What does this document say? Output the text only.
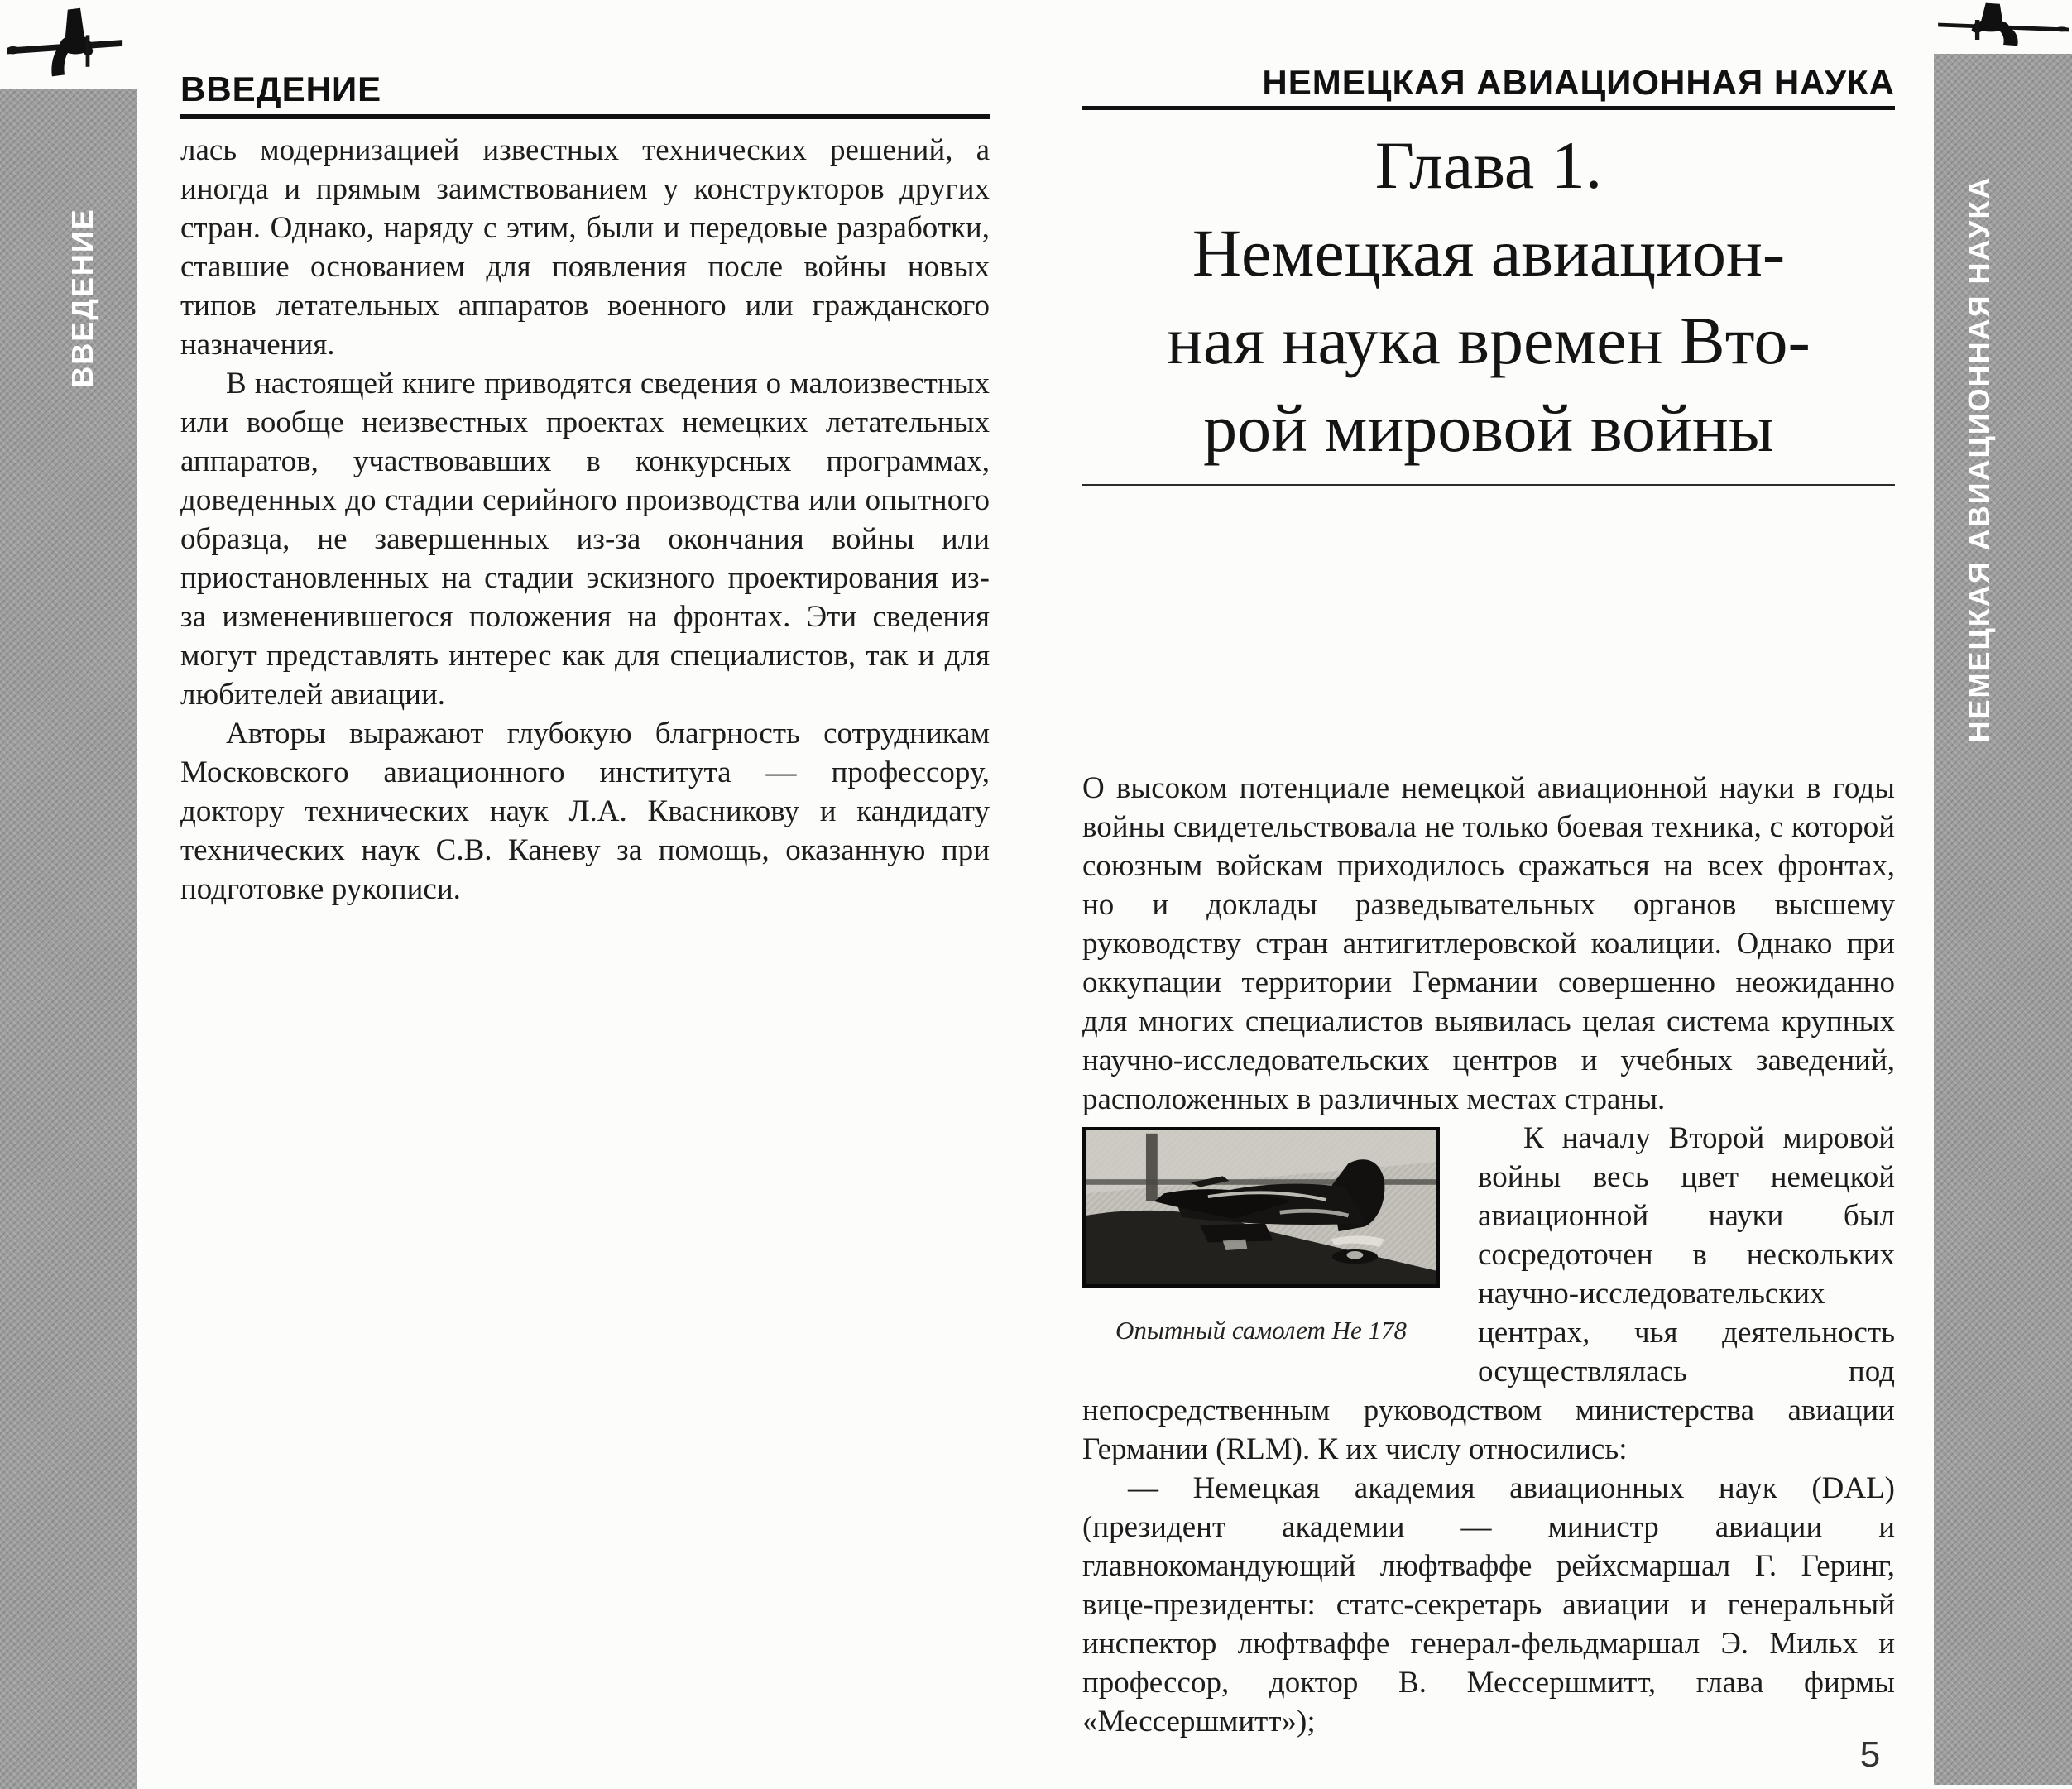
ВВЕДЕНИЕ	НЕМЕЦКАЯ АВИАЦИОННАЯ НАУКА
ВВЕДЕНИЕ

лась модернизацией известных технических решений, а иногда и прямым заимствованием у конструкторов других стран. Однако, наряду с этим, были и передовые разработки, ставшие основанием для появления после войны новых типов летательных аппаратов военного или гражданского назначения.

В настоящей книге приводятся сведения о малоизвестных или вообще неизвестных проектах немецких летательных аппаратов, участвовавших в конкурсных программах, доведенных до стадии серийного производства или опытного образца, не завершенных из-за окончания войны или приостановленных на стадии эскизного проектирования из-за измененившегося положения на фронтах. Эти сведения могут представлять интерес как для специалистов, так и для любителей авиации.

Авторы выражают глубокую благрность сотрудникам Московского авиационного института — профессору, доктору технических наук Л.А. Квасникову и кандидату технических наук С.В. Каневу за помощь, оказанную при подготовке рукописи.

НЕМЕЦКАЯ АВИАЦИОННАЯ НАУКА
Глава 1.
Немецкая авиацион-
ная наука времен Вто-
рой мировой войны

О высоком потенциале немецкой авиационной науки в годы войны свидетельствовала не только боевая техника, с которой союзным войскам приходилось сражаться на всех фронтах, но и доклады разведывательных органов высшему руководству стран антигитлеровской коалиции. Однако при оккупации территории Германии совершенно неожиданно для многих специалистов выявилась целая система крупных научно-исследовательских центров и учебных заведений, расположенных в различных местах страны.

Опытный самолет He 178

К началу Второй мировой войны весь цвет немецкой авиационной науки был сосредоточен в нескольких научно-исследовательских центрах, чья деятельность осуществлялась под непосредственным руководством министерства авиации Германии (RLM). К их числу относились:

— Немецкая академия авиационных наук (DAL) (президент академии — министр авиации и главнокомандующий люфтваффе рейхсмаршал Г. Геринг, вице-президенты: статс-секретарь авиации и генеральный инспектор люфтваффе генерал-фельдмаршал Э. Мильх и профессор, доктор В. Мессершмитт, глава фирмы «Мессершмитт»);

5
